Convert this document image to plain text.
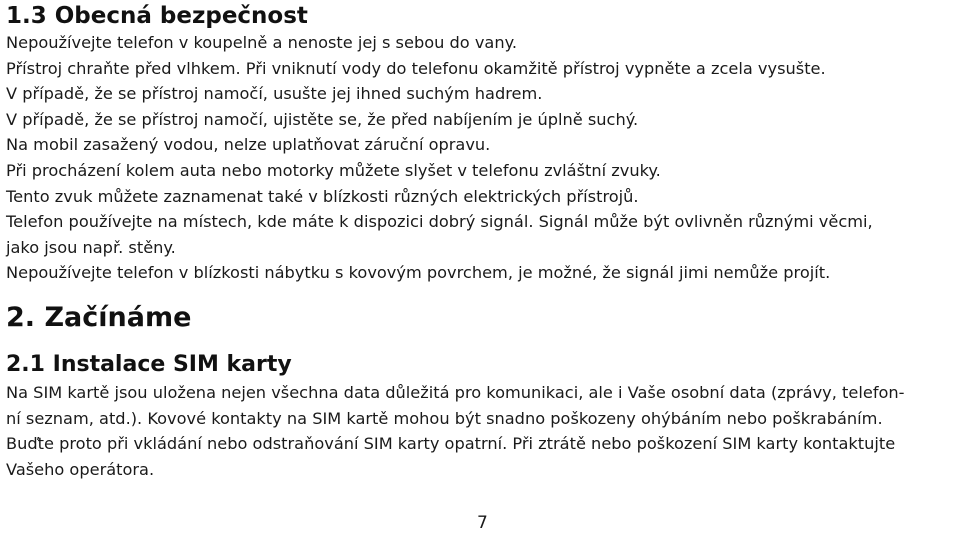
1.3 Obecná bezpečnost
Nepoužívejte telefon v koupelně a nenoste jej s sebou do vany.
Přístroj chraňte před vlhkem. Při vniknutí vody do telefonu okamžitě přístroj vypněte a zcela vysušte.
V případě, že se přístroj namočí, usušte jej ihned suchým hadrem.
V případě, že se přístroj namočí, ujistěte se, že před nabíjením je úplně suchý.
Na mobil zasažený vodou, nelze uplatňovat záruční opravu.
Při procházení kolem auta nebo motorky můžete slyšet v telefonu zvláštní zvuky.
Tento zvuk můžete zaznamenat také v blízkosti různých elektrických přístrojů.
Telefon používejte na místech, kde máte k dispozici dobrý signál. Signál může být ovlivněn různými věcmi,
jako jsou např. stěny.
Nepoužívejte telefon v blízkosti nábytku s kovovým povrchem, je možné, že signál jimi nemůže projít.
2. Začínáme
2.1 Instalace SIM karty
Na SIM kartě jsou uložena nejen všechna data důležitá pro komunikaci, ale i Vaše osobní data (zprávy, telefon-
ní seznam, atd.). Kovové kontakty na SIM kartě mohou být snadno poškozeny ohýbáním nebo poškrabáním.
Buďte proto při vkládání nebo odstraňování SIM karty opatrní. Při ztrátě nebo poškození SIM karty kontaktujte
Vašeho operátora.
7
